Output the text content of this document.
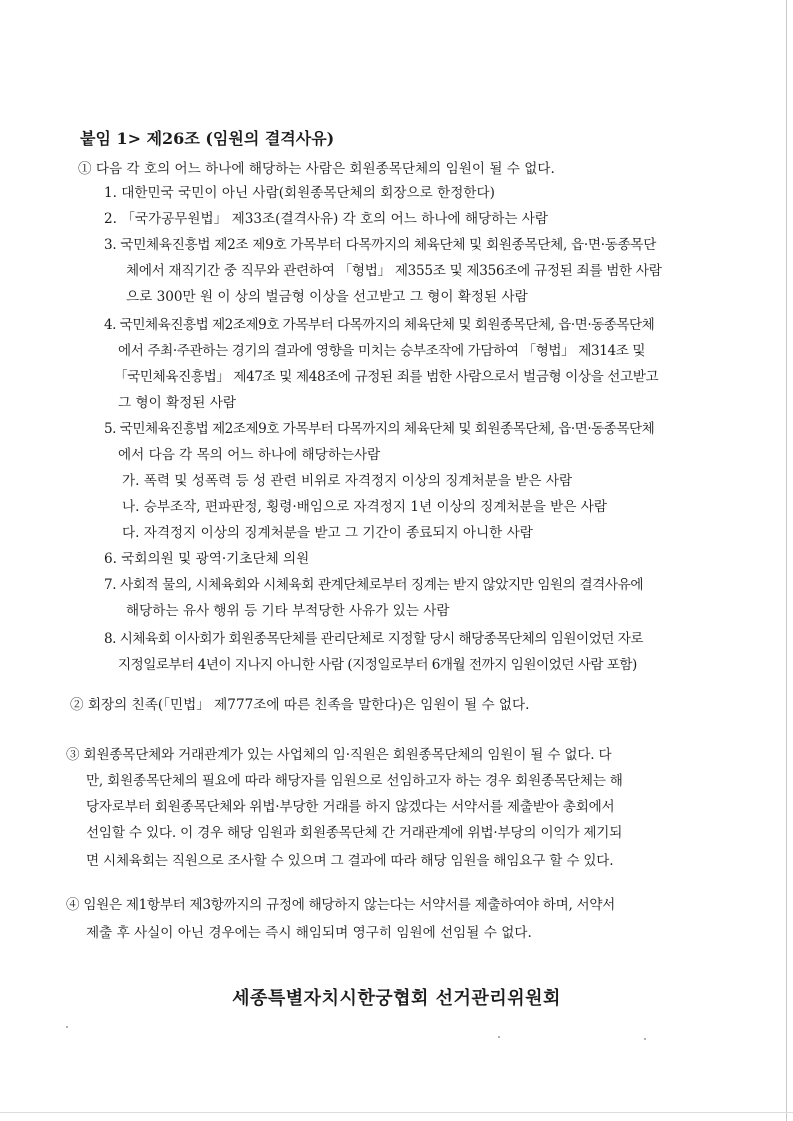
붙임 1> 제26조 (임원의 결격사유)
① 다음 각 호의 어느 하나에 해당하는 사람은 회원종목단체의 임원이 될 수 없다.
1. 대한민국 국민이 아닌 사람(회원종목단체의 회장으로 한정한다)
2. 「국가공무원법」 제33조(결격사유) 각 호의 어느 하나에 해당하는 사람
3. 국민체육진흥법 제2조 제9호 가목부터 다목까지의 체육단체 및 회원종목단체, 읍·면·동종목단
체에서 재직기간 중 직무와 관련하여 「형법」 제355조 및 제356조에 규정된 죄를 범한 사람
으로 300만 원 이 상의 벌금형 이상을 선고받고 그 형이 확정된 사람
4. 국민체육진흥법 제2조제9호 가목부터 다목까지의 체육단체 및 회원종목단체, 읍·면·동종목단체
에서 주최·주관하는 경기의 결과에 영향을 미치는 승부조작에 가담하여 「형법」 제314조 및
「국민체육진흥법」 제47조 및 제48조에 규정된 죄를 범한 사람으로서 벌금형 이상을 선고받고
그 형이 확정된 사람
5. 국민체육진흥법 제2조제9호 가목부터 다목까지의 체육단체 및 회원종목단체, 읍·면·동종목단체
에서 다음 각 목의 어느 하나에 해당하는사람
가. 폭력 및 성폭력 등 성 관련 비위로 자격정지 이상의 징계처분을 받은 사람
나. 승부조작, 편파판정, 횡령·배임으로 자격정지 1년 이상의 징계처분을 받은 사람
다. 자격정지 이상의 징계처분을 받고 그 기간이 종료되지 아니한 사람
6. 국회의원 및 광역·기초단체 의원
7. 사회적 물의, 시체육회와 시체육회 관계단체로부터 징계는 받지 않았지만 임원의 결격사유에
해당하는 유사 행위 등 기타 부적당한 사유가 있는 사람
8. 시체육회 이사회가 회원종목단체를 관리단체로 지정할 당시 해당종목단체의 임원이었던 자로
지정일로부터 4년이 지나지 아니한 사람 (지정일로부터 6개월 전까지 임원이었던 사람 포함)
② 회장의 친족(「민법」 제777조에 따른 친족을 말한다)은 임원이 될 수 없다.
③ 회원종목단체와 거래관계가 있는 사업체의 임·직원은 회원종목단체의 임원이 될 수 없다. 다
만, 회원종목단체의 필요에 따라 해당자를 임원으로 선임하고자 하는 경우 회원종목단체는 해
당자로부터 회원종목단체와 위법·부당한 거래를 하지 않겠다는 서약서를 제출받아 총회에서
선임할 수 있다. 이 경우 해당 임원과 회원종목단체 간 거래관계에 위법·부당의 이익가 제기되
면 시체육회는 직원으로 조사할 수 있으며 그 결과에 따라 해당 임원을 해임요구 할 수 있다.
④ 임원은 제1항부터 제3항까지의 규정에 해당하지 않는다는 서약서를 제출하여야 하며, 서약서
제출 후 사실이 아닌 경우에는 즉시 해임되며 영구히 임원에 선임될 수 없다.
세종특별자치시한궁협회 선거관리위원회
